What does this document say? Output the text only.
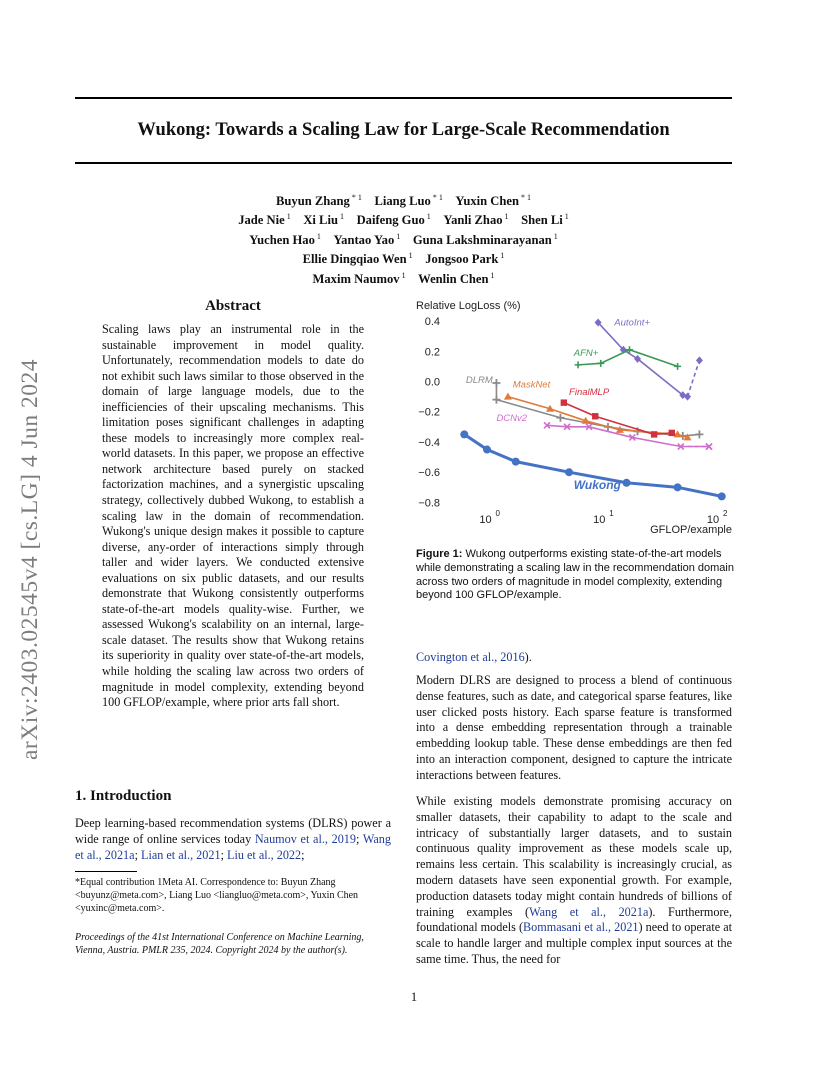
Wukong: Towards a Scaling Law for Large-Scale Recommendation
Buyun Zhang $^{* 1}$  Liang Luo $^{* 1}$  Yuxin Chen $^{* 1}$
Jade Nie $^1$  Xi Liu $^1$  Daifeng Guo $^1$  Yanli Zhao $^1$  Shen Li $^1$
Yuchen Hao $^1$  Yantao Yao $^1$  Guna Lakshminarayanan $^1$
Ellie Dingqiao Wen $^1$  Jongsoo Park $^1$
Maxim Naumov $^1$  Wenlin Chen $^1$
arXiv:2403.02545v4 [cs.LG] 4 Jun 2024
Abstract

Scaling laws play an instrumental role in the sustainable improvement in model quality. Unfortunately, recommendation models to date do not exhibit such laws similar to those observed in the domain of large language models, due to the inefficiencies of their upscaling mechanisms. This limitation poses significant challenges in adapting these models to increasingly more complex real-world datasets. In this paper, we propose an effective network architecture based purely on stacked factorization machines, and a synergistic upscaling strategy, collectively dubbed Wukong, to establish a scaling law in the domain of recommendation. Wukong's unique design makes it possible to capture diverse, any-order of interactions simply through taller and wider layers. We conducted extensive evaluations on six public datasets, and our results demonstrate that Wukong consistently outperforms state-of-the-art models quality-wise. Further, we assessed Wukong's scalability on an internal, large-scale dataset. The results show that Wukong retains its superiority in quality over state-of-the-art models, while holding the scaling law across two orders of magnitude in model complexity, extending beyond 100 GFLOP/example, where prior arts fall short.

1. Introduction

Deep learning-based recommendation systems (DLRS) power a wide range of online services today Naumov et al., 2019; Wang et al., 2021a; Lian et al., 2021; Liu et al., 2022;

*Equal contribution 1Meta AI. Correspondence to: Buyun Zhang <buyunz@meta.com>, Liang Luo <liangluo@meta.com>, Yuxin Chen <yuxinc@meta.com>.

Proceedings of the 41st International Conference on Machine Learning, Vienna, Austria. PMLR 235, 2024. Copyright 2024 by the author(s).

Relative LogLoss (%)
0.4
0.2
0.0
−0.2
−0.4
−0.6
−0.8
10
0
10
1
10
2
GFLOP/example
Wukong
AutoInt+
AFN+
DLRM MaskNet
FinalMLP
DCNv2

Figure 1: Wukong outperforms existing state-of-the-art models while demonstrating a scaling law in the recommendation domain across two orders of magnitude in model complexity, extending beyond 100 GFLOP/example.

Covington et al., 2016).

Modern DLRS are designed to process a blend of continuous dense features, such as date, and categorical sparse features, like user clicked posts history. Each sparse feature is transformed into a dense embedding representation through a trainable embedding lookup table. These dense embeddings are then fed into an interaction component, designed to capture the intricate interactions between features.

While existing models demonstrate promising accuracy on smaller datasets, their capability to adapt to the scale and intricacy of substantially larger datasets, and to sustain continuous quality improvement as these models scale up, remains less certain. This scalability is increasingly crucial, as modern datasets have seen exponential growth. For example, production datasets today might contain hundreds of billions of training examples (Wang et al., 2021a). Furthermore, foundational models (Bommasani et al., 2021) need to operate at scale to handle larger and multiple complex input sources at the same time. Thus, the need for

1
